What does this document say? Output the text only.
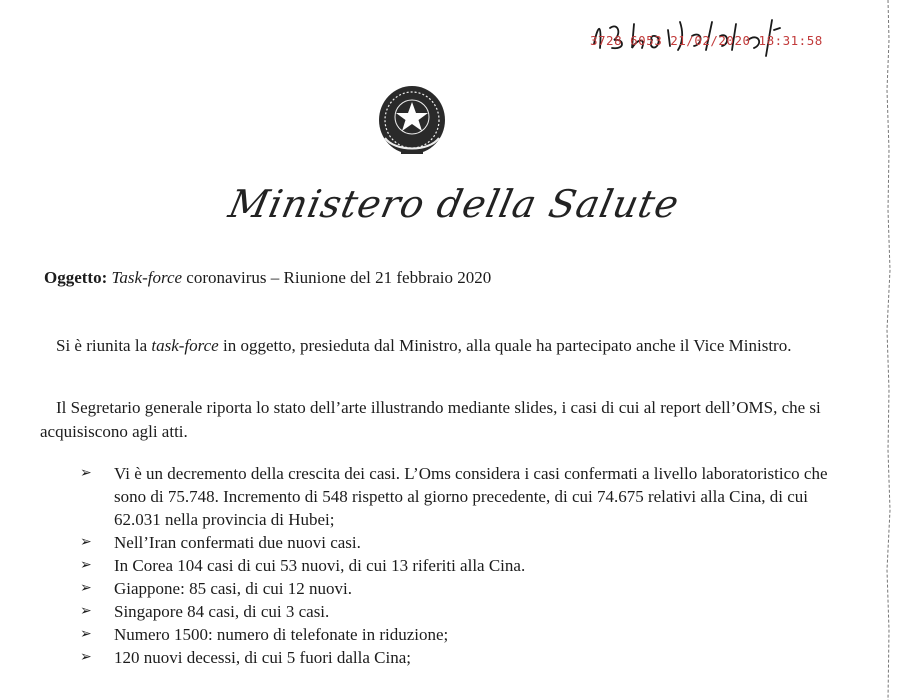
3728 6053 21/02/2020 18:31:58
Ministero della Salute
Oggetto: Task-force coronavirus – Riunione del 21 febbraio 2020
Si è riunita la task-force in oggetto, presieduta dal Ministro, alla quale ha partecipato anche il Vice Ministro.
Il Segretario generale riporta lo stato dell’arte illustrando mediante slides, i casi di cui al report dell’OMS, che si acquisiscono agli atti.
➢ Vi è un decremento della crescita dei casi. L’Oms considera i casi confermati a livello laboratoristico che sono di 75.748. Incremento di 548 rispetto al giorno precedente, di cui 74.675 relativi alla Cina, di cui 62.031 nella provincia di Hubei;
➢ Nell’Iran confermati due nuovi casi.
➢ In Corea 104 casi di cui 53 nuovi, di cui 13 riferiti alla Cina.
➢ Giappone: 85 casi, di cui 12 nuovi.
➢ Singapore 84 casi, di cui 3 casi.
➢ Numero 1500: numero di telefonate in riduzione;
➢ 120 nuovi decessi, di cui 5 fuori dalla Cina;
